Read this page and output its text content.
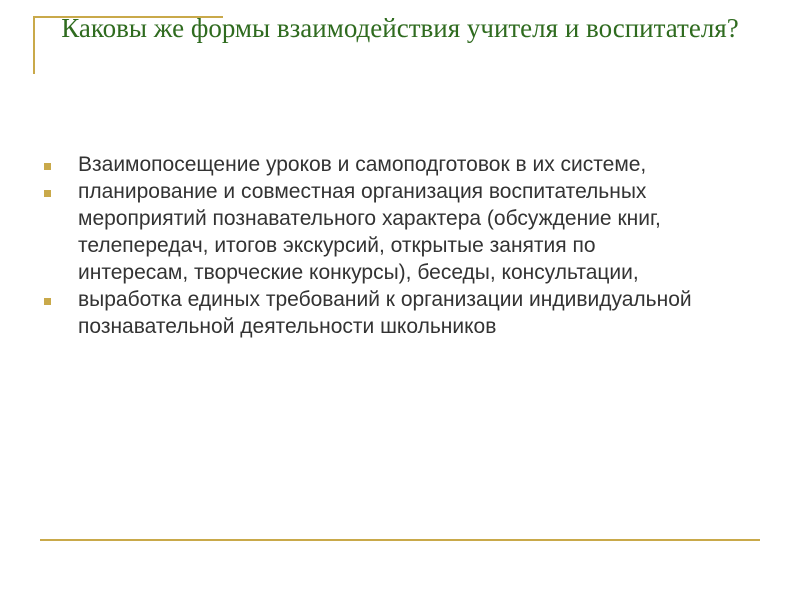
Каковы же формы взаимодействия учителя и воспитателя?
Взаимопосещение уроков и самоподготовок в их системе,
планирование и совместная организация воспитательных мероприятий познавательного характера (обсуждение книг, телепередач, итогов экскурсий, открытые занятия по интересам, творческие конкурсы), беседы, консультации,
выработка единых требований к организации индивидуальной познавательной деятельности школьников
